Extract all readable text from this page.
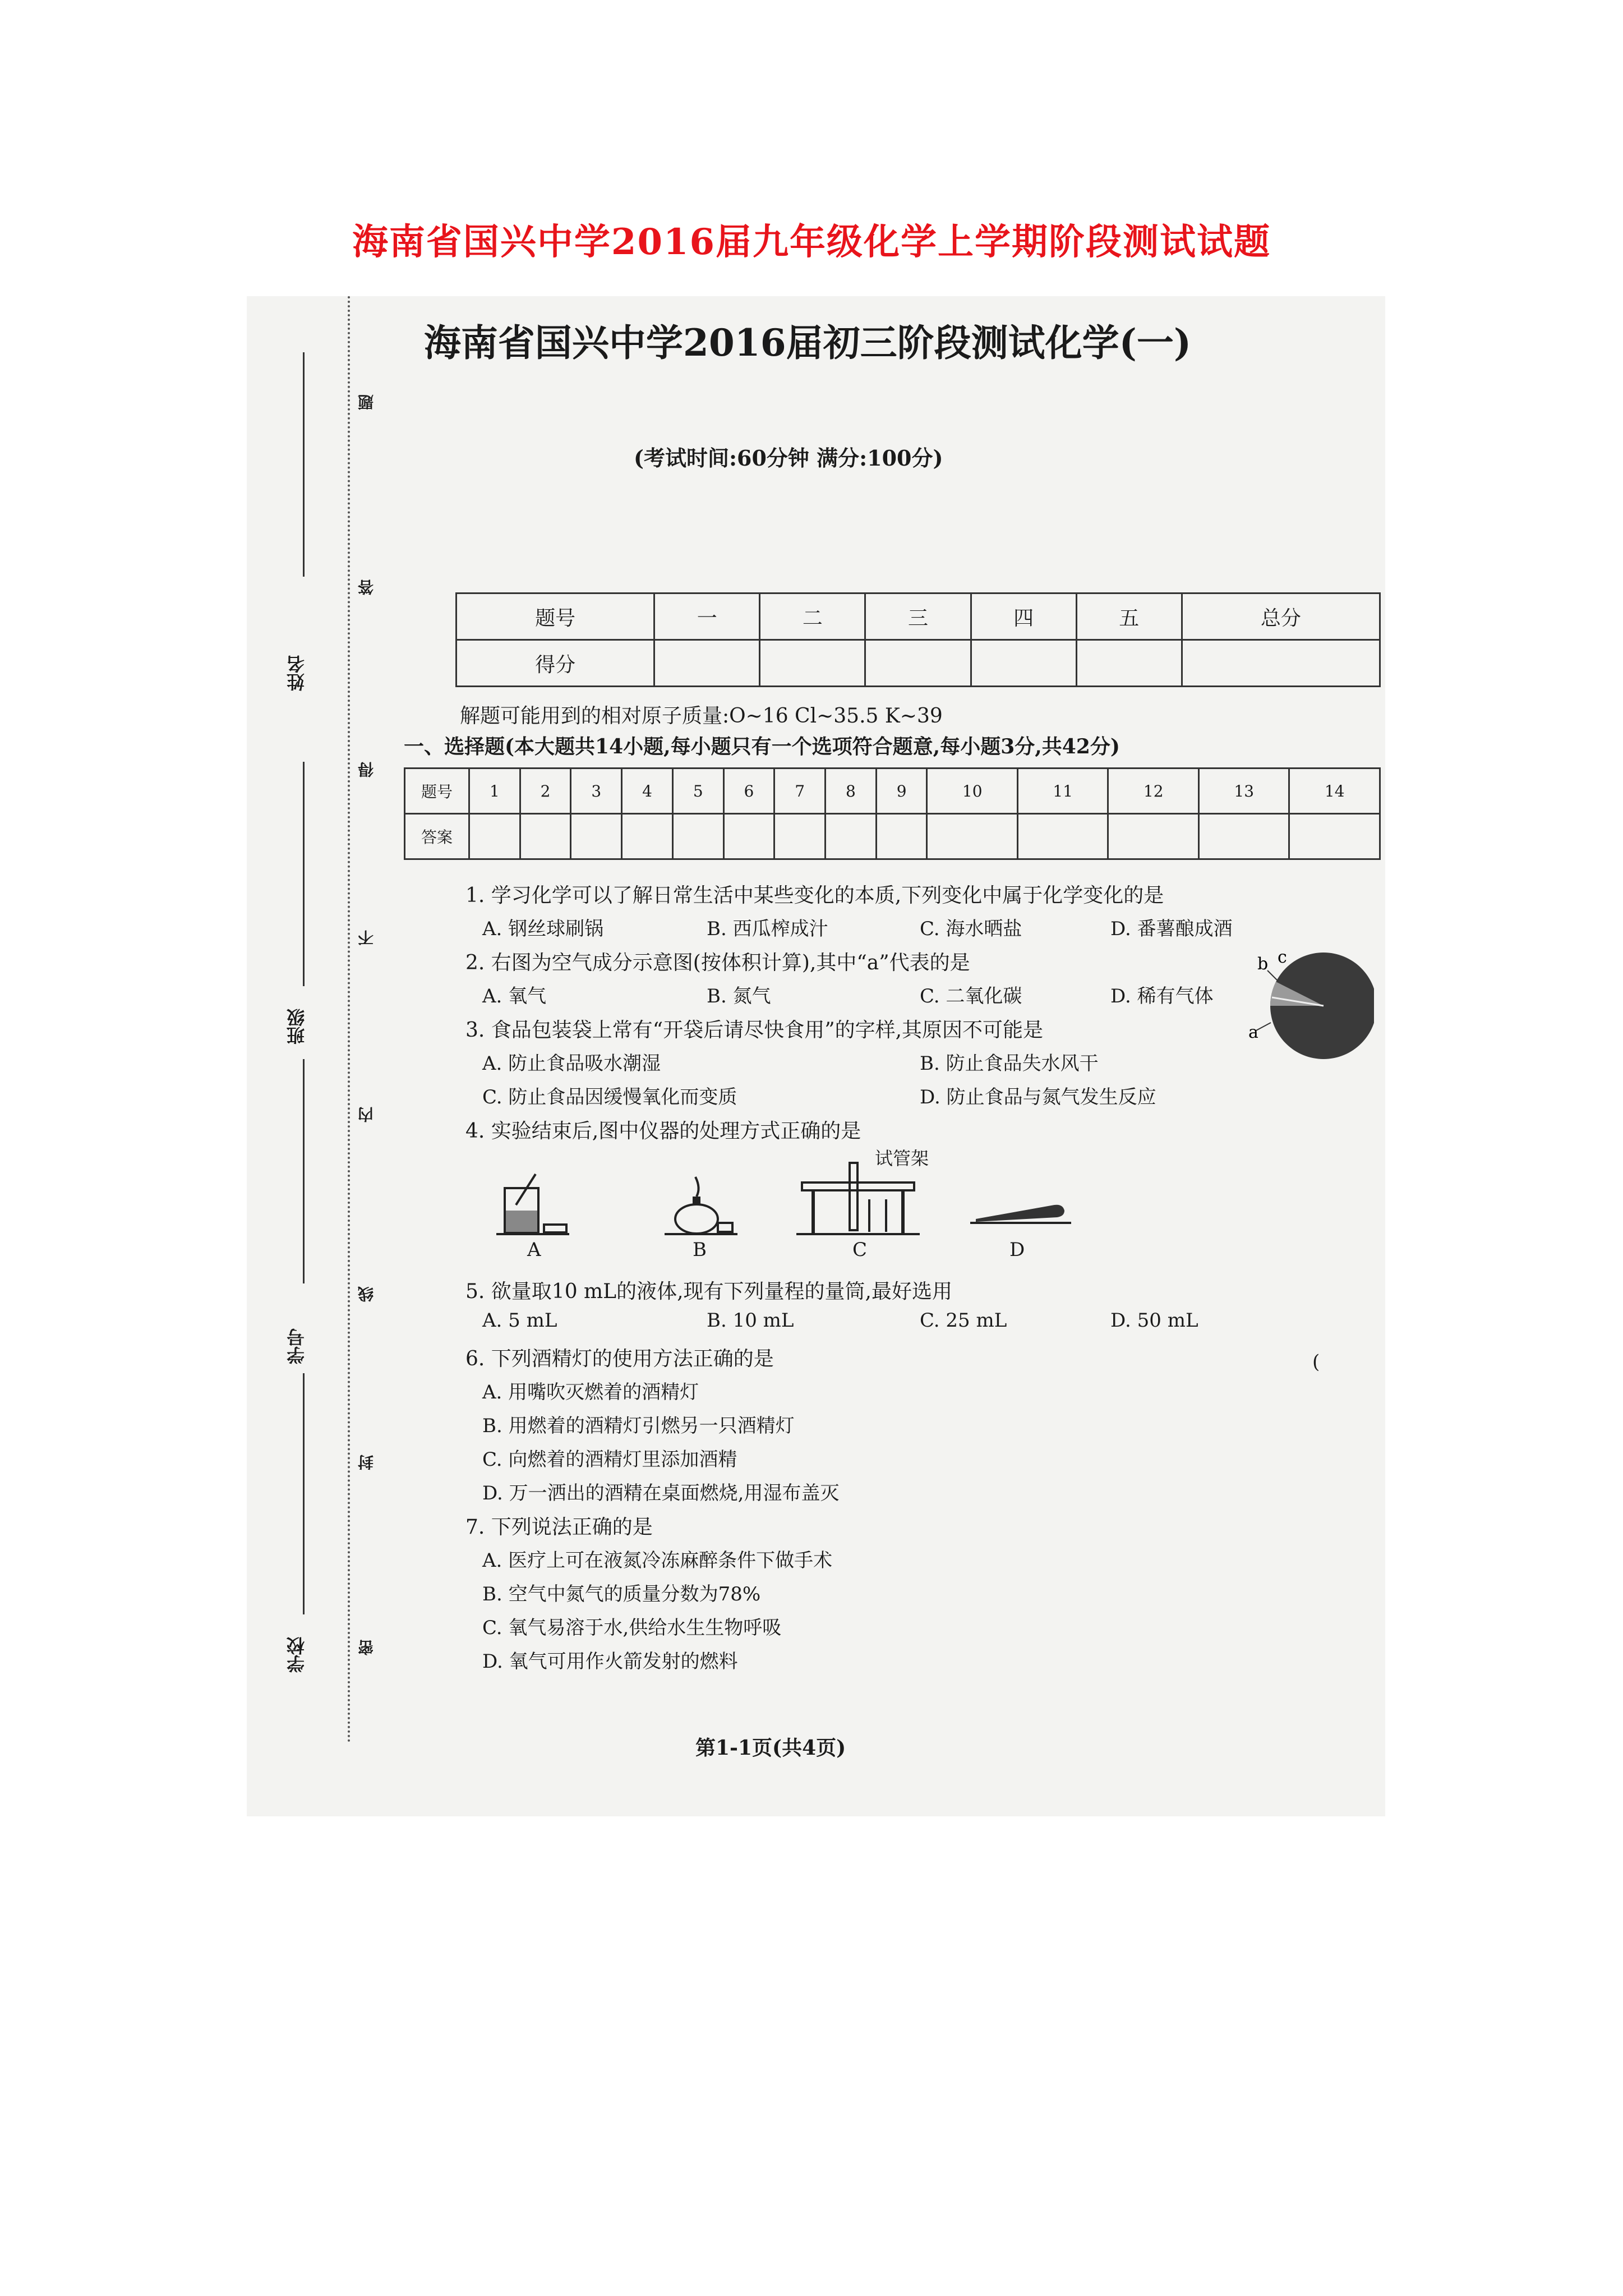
海南省国兴中学2016届九年级化学上学期阶段测试试题
姓名
班级
学号
学校
题
答
得
不
内
线
封
密
海南省国兴中学2016届初三阶段测试化学(一)
(考试时间:60分钟 满分:100分)
题号	一	二	三	四	五	总分
得分						
解题可能用到的相对原子质量:O~16 Cl~35.5 K~39
一、选择题(本大题共14小题,每小题只有一个选项符合题意,每小题3分,共42分)
题号	1	2	3	4	5	6	7	8	9	10	11	12	13	14
答案														
1. 学习化学可以了解日常生活中某些变化的本质,下列变化中属于化学变化的是
A. 钢丝球刷锅	B. 西瓜榨成汁	C. 海水晒盐	D. 番薯酿成酒
2. 右图为空气成分示意图(按体积计算),其中“a”代表的是
A. 氧气	B. 氮气	C. 二氧化碳	D. 稀有气体
a
b c
3. 食品包装袋上常有“开袋后请尽快食用”的字样,其原因不可能是
A. 防止食品吸水潮湿	B. 防止食品失水风干
C. 防止食品因缓慢氧化而变质	D. 防止食品与氮气发生反应
4. 实验结束后,图中仪器的处理方式正确的是
试管架
A	B	C	D
5. 欲量取10 mL的液体,现有下列量程的量筒,最好选用
A. 5 mL	B. 10 mL	C. 25 mL	D. 50 mL
(
6. 下列酒精灯的使用方法正确的是
A. 用嘴吹灭燃着的酒精灯
B. 用燃着的酒精灯引燃另一只酒精灯
C. 向燃着的酒精灯里添加酒精
D. 万一洒出的酒精在桌面燃烧,用湿布盖灭
7. 下列说法正确的是
A. 医疗上可在液氮冷冻麻醉条件下做手术
B. 空气中氮气的质量分数为78%
C. 氧气易溶于水,供给水生生物呼吸
D. 氧气可用作火箭发射的燃料
第1-1页(共4页)
